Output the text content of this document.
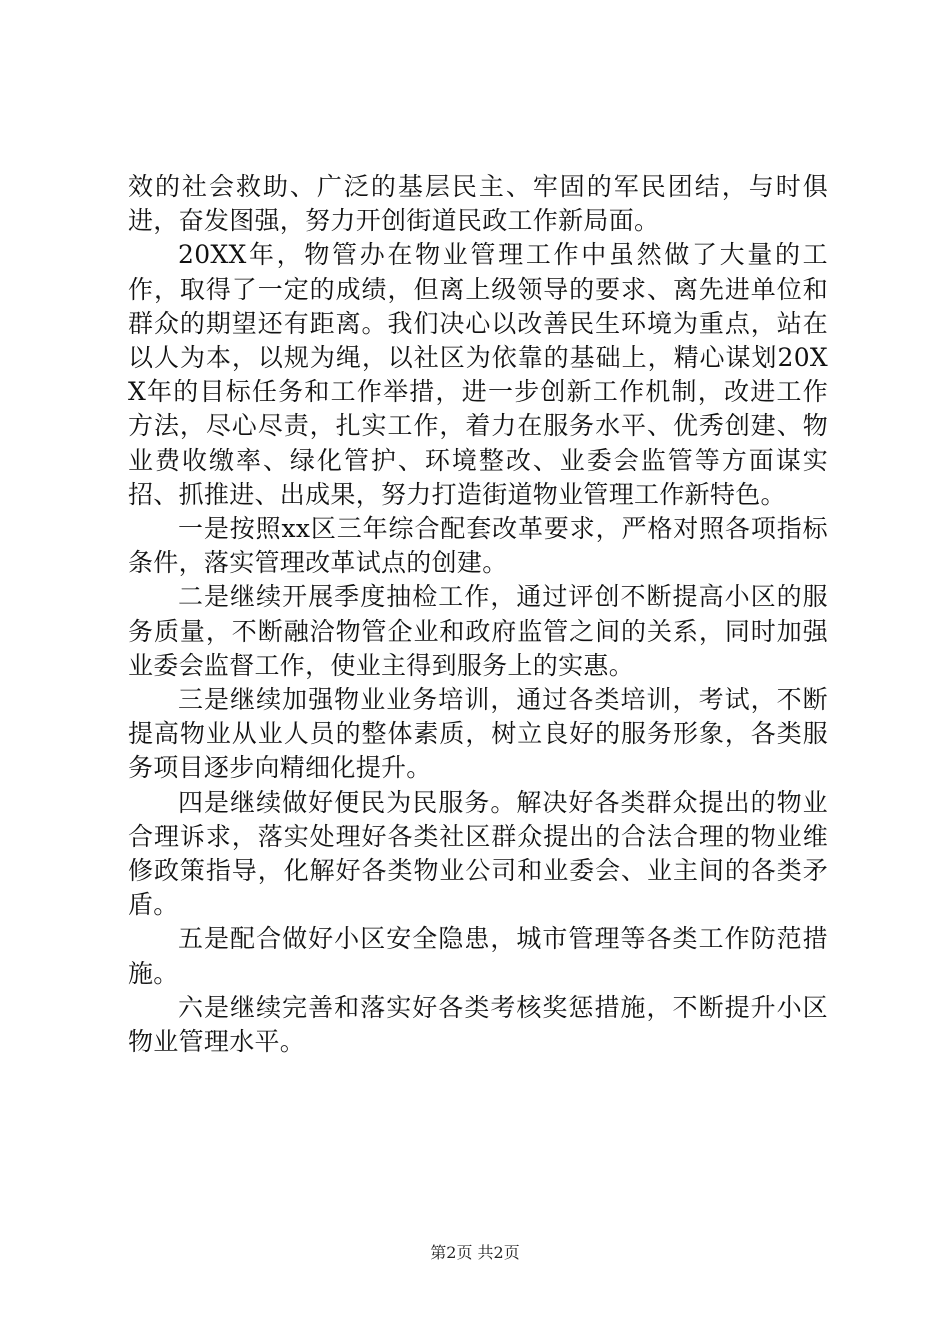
效的社会救助、广泛的基层民主、牢固的军民团结，与时俱进，奋发图强，努力开创街道民政工作新局面。

20XX年，物管办在物业管理工作中虽然做了大量的工作，取得了一定的成绩，但离上级领导的要求、离先进单位和群众的期望还有距离。我们决心以改善民生环境为重点，站在以人为本，以规为绳，以社区为依靠的基础上，精心谋划20XX年的目标任务和工作举措，进一步创新工作机制，改进工作方法，尽心尽责，扎实工作，着力在服务水平、优秀创建、物业费收缴率、绿化管护、环境整改、业委会监管等方面谋实招、抓推进、出成果，努力打造街道物业管理工作新特色。

一是按照xx区三年综合配套改革要求，严格对照各项指标条件，落实管理改革试点的创建。

二是继续开展季度抽检工作，通过评创不断提高小区的服务质量，不断融洽物管企业和政府监管之间的关系，同时加强业委会监督工作，使业主得到服务上的实惠。

三是继续加强物业业务培训，通过各类培训，考试，不断提高物业从业人员的整体素质，树立良好的服务形象，各类服务项目逐步向精细化提升。

四是继续做好便民为民服务。解决好各类群众提出的物业合理诉求，落实处理好各类社区群众提出的合法合理的物业维修政策指导，化解好各类物业公司和业委会、业主间的各类矛盾。

五是配合做好小区安全隐患，城市管理等各类工作防范措施。

六是继续完善和落实好各类考核奖惩措施，不断提升小区物业管理水平。

第2页 共2页
